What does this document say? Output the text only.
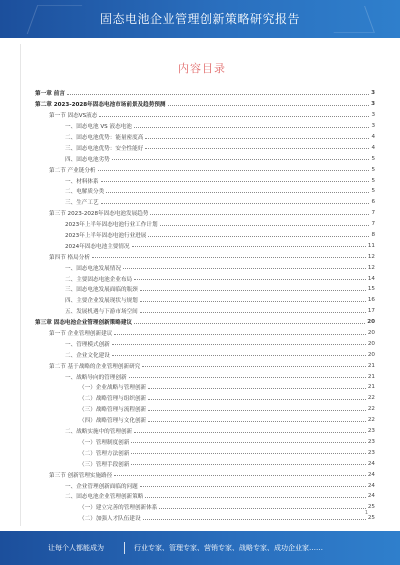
固态电池企业管理创新策略研究报告
内容目录
第一章 前言	3
第二章 2023-2028年固态电池市场前景及趋势预测	3
第一节 固态VS液态	3
一、固态电池 VS 液态电池	3
二、固态电池优势：能量密度高	4
三、固态电池优势：安全性能好	4
四、固态电池劣势	5
第二节 产业链分析	5
一、材料体系	5
二、电解质分类	5
三、生产工艺	6
第三节 2023-2028年固态电池发展趋势	7
2023年上半年固态电池行业工作计划	7
2023年上半年固态电池行业进展	8
2024年固态电池主要情况	11
第四节 格局分析	12
一、固态电池发展情况	12
二、主要固态电池企业布局	14
三、固态电池发展面临的瓶颈	15
四、主要企业发展现状与规划	16
五、发展机遇与下游市场空间	17
第三章 固态电池企业管理创新策略建议	20
第一节 企业管理创新建议	20
一、管理模式创新	20
二、企业文化建设	20
第二节 基于战略的企业管理创新研究	21
一、战略导向的管理创新	21
（一）企业战略与管理创新	21
（二）战略管理与组织创新	22
（三）战略管理与流程创新	22
（四）战略管理与文化创新	22
二、战略实施中的管理创新	23
（一）管理制度创新	23
（二）管理方法创新	23
（三）管理手段创新	24
第三节 创新管理实施路径	24
一、企业管理创新面临的问题	24
二、固态电池企业管理创新策略	24
（一）建立完善的管理创新体系	25
（二）加强人才队伍建设	25
1
让每个人都能成为	行业专家、管理专家、营销专家、战略专家、成功企业家……
